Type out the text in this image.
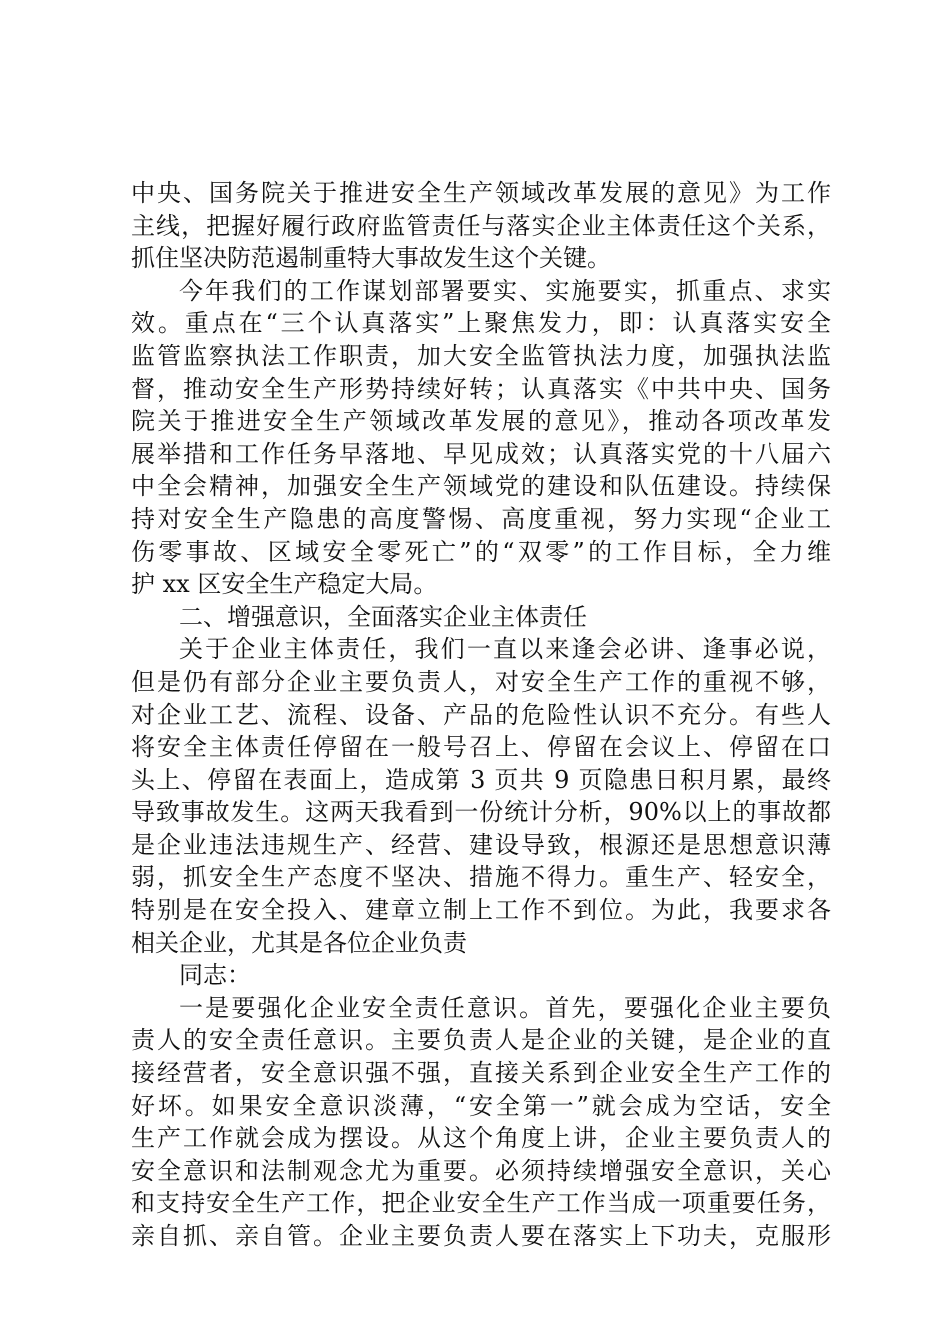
中央、国务院关于推进安全生产领域改革发展的意见》为工作
主线，把握好履行政府监管责任与落实企业主体责任这个关系，
抓住坚决防范遏制重特大事故发生这个关键。
今年我们的工作谋划部署要实、实施要实，抓重点、求实
效。重点在“三个认真落实”上聚焦发力，即：认真落实安全
监管监察执法工作职责，加大安全监管执法力度，加强执法监
督，推动安全生产形势持续好转；认真落实《中共中央、国务
院关于推进安全生产领域改革发展的意见》，推动各项改革发
展举措和工作任务早落地、早见成效；认真落实党的十八届六
中全会精神，加强安全生产领域党的建设和队伍建设。持续保
持对安全生产隐患的高度警惕、高度重视，努力实现“企业工
伤零事故、区域安全零死亡”的“双零”的工作目标，全力维
护 xx 区安全生产稳定大局。
二、增强意识，全面落实企业主体责任
关于企业主体责任，我们一直以来逢会必讲、逢事必说，
但是仍有部分企业主要负责人，对安全生产工作的重视不够，
对企业工艺、流程、设备、产品的危险性认识不充分。有些人
将安全主体责任停留在一般号召上、停留在会议上、停留在口
头上、停留在表面上，造成第 3 页共 9 页隐患日积月累，最终
导致事故发生。这两天我看到一份统计分析，90%以上的事故都
是企业违法违规生产、经营、建设导致，根源还是思想意识薄
弱，抓安全生产态度不坚决、措施不得力。重生产、轻安全，
特别是在安全投入、建章立制上工作不到位。为此，我要求各
相关企业，尤其是各位企业负责
同志：
一是要强化企业安全责任意识。首先，要强化企业主要负
责人的安全责任意识。主要负责人是企业的关键，是企业的直
接经营者，安全意识强不强，直接关系到企业安全生产工作的
好坏。如果安全意识淡薄，“安全第一”就会成为空话，安全
生产工作就会成为摆设。从这个角度上讲，企业主要负责人的
安全意识和法制观念尤为重要。必须持续增强安全意识，关心
和支持安全生产工作，把企业安全生产工作当成一项重要任务，
亲自抓、亲自管。企业主要负责人要在落实上下功夫，克服形
